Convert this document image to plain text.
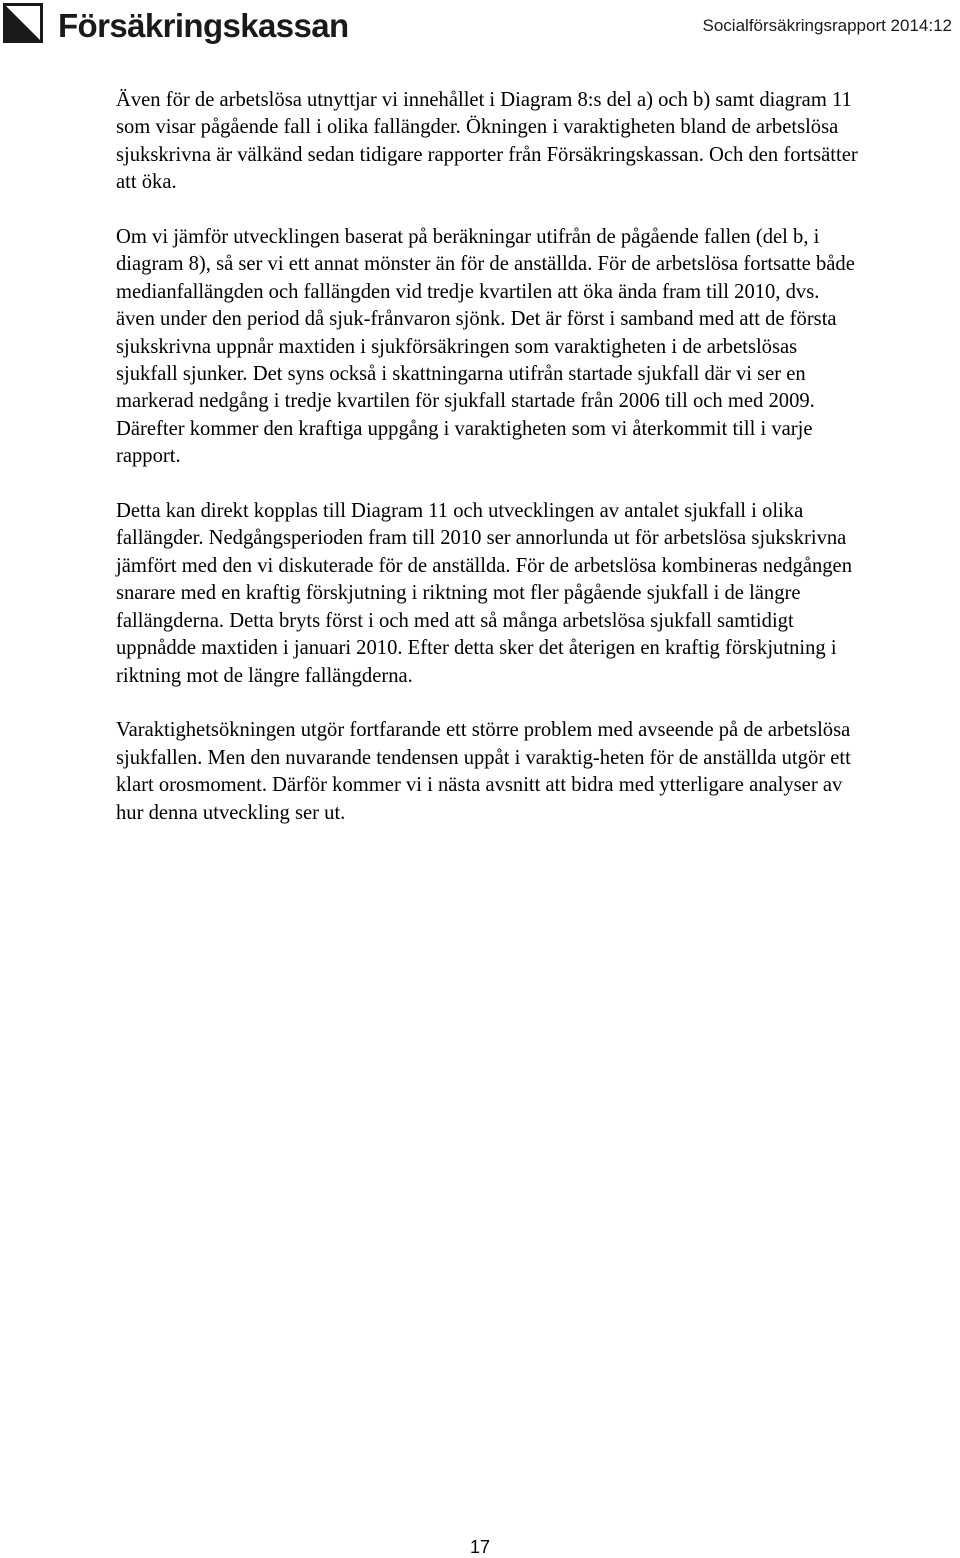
Försäkringskassan	Socialförsäkringsrapport 2014:12

Även för de arbetslösa utnyttjar vi innehållet i Diagram 8:s del a) och b) samt diagram 11 som visar pågående fall i olika fallängder. Ökningen i varaktigheten bland de arbetslösa sjukskrivna är välkänd sedan tidigare rapporter från Försäkringskassan. Och den fortsätter att öka.

Om vi jämför utvecklingen baserat på beräkningar utifrån de pågående fallen (del b, i diagram 8), så ser vi ett annat mönster än för de anställda. För de arbetslösa fortsatte både medianfallängden och fallängden vid tredje kvartilen att öka ända fram till 2010, dvs. även under den period då sjuk-frånvaron sjönk. Det är först i samband med att de första sjukskrivna uppnår maxtiden i sjukförsäkringen som varaktigheten i de arbetslösas sjukfall sjunker. Det syns också i skattningarna utifrån startade sjukfall där vi ser en markerad nedgång i tredje kvartilen för sjukfall startade från 2006 till och med 2009. Därefter kommer den kraftiga uppgång i varaktigheten som vi återkommit till i varje rapport.

Detta kan direkt kopplas till Diagram 11 och utvecklingen av antalet sjukfall i olika fallängder. Nedgångsperioden fram till 2010 ser annorlunda ut för arbetslösa sjukskrivna jämfört med den vi diskuterade för de anställda. För de arbetslösa kombineras nedgången snarare med en kraftig förskjutning i riktning mot fler pågående sjukfall i de längre fallängderna. Detta bryts först i och med att så många arbetslösa sjukfall samtidigt uppnådde maxtiden i januari 2010. Efter detta sker det återigen en kraftig förskjutning i riktning mot de längre fallängderna.

Varaktighetsökningen utgör fortfarande ett större problem med avseende på de arbetslösa sjukfallen. Men den nuvarande tendensen uppåt i varaktig-heten för de anställda utgör ett klart orosmoment. Därför kommer vi i nästa avsnitt att bidra med ytterligare analyser av hur denna utveckling ser ut.

17
